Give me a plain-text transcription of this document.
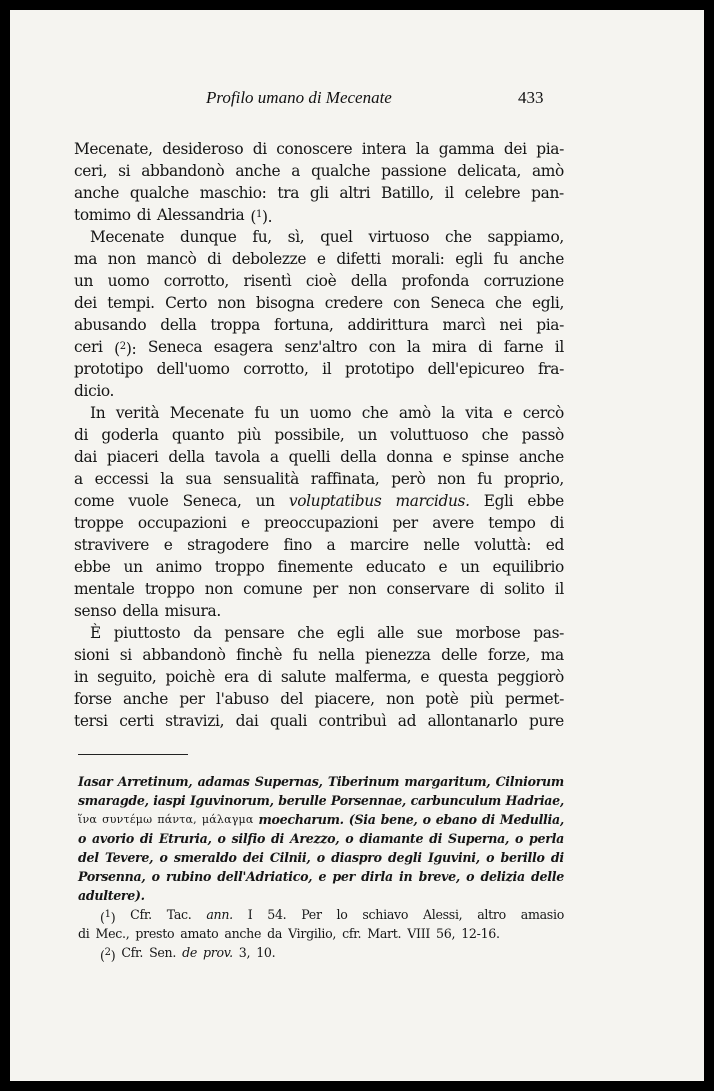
Profilo umano di Mecenate	433
Mecenate, desideroso di conoscere intera la gamma dei pia-
ceri, si abbandonò anche a qualche passione delicata, amò
anche qualche maschio: tra gli altri Batillo, il celebre pan-
tomimo di Alessandria ($^1$).
Mecenate dunque fu, sì, quel virtuoso che sappiamo,
ma non mancò di debolezze e difetti morali: egli fu anche
un uomo corrotto, risentì cioè della profonda corruzione
dei tempi. Certo non bisogna credere con Seneca che egli,
abusando della troppa fortuna, addirittura marcì nei pia-
ceri ($^2$): Seneca esagera senz'altro con la mira di farne il
prototipo dell'uomo corrotto, il prototipo dell'epicureo fra-
dicio.
In verità Mecenate fu un uomo che amò la vita e cercò
di goderla quanto più possibile, un voluttuoso che passò
dai piaceri della tavola a quelli della donna e spinse anche
a eccessi la sua sensualità raffinata, però non fu proprio,
come vuole Seneca, un voluptatibus marcidus. Egli ebbe
troppe occupazioni e preoccupazioni per avere tempo di
stravivere e stragodere fino a marcire nelle voluttà: ed
ebbe un animo troppo finemente educato e un equilibrio
mentale troppo non comune per non conservare di solito il
senso della misura.
È piuttosto da pensare che egli alle sue morbose pas-
sioni si abbandonò finchè fu nella pienezza delle forze, ma
in seguito, poichè era di salute malferma, e questa peggiorò
forse anche per l'abuso del piacere, non potè più permet-
tersi certi stravizi, dai quali contribuì ad allontanarlo pure
Iasar Arretinum, adamas Supernas, Tiberinum margaritum, Cilniorum
smaragde, iaspi Iguvinorum, berulle Porsennae, carbunculum Hadriae,
ἵνα συντέμω πάντα, μάλαγμα moecharum. (Sia bene, o ebano di Medullia,
o avorio di Etruria, o silfio di Arezzo, o diamante di Superna, o perla
del Tevere, o smeraldo dei Cilnii, o diaspro degli Iguvini, o berillo di
Porsenna, o rubino dell'Adriatico, e per dirla in breve, o delizia delle
adultere).
($^1$) Cfr. Tac. ann. I 54. Per lo schiavo Alessi, altro amasio
di Mec., presto amato anche da Virgilio, cfr. Mart. VIII 56, 12-16.
($^2$) Cfr. Sen. de prov. 3, 10.
